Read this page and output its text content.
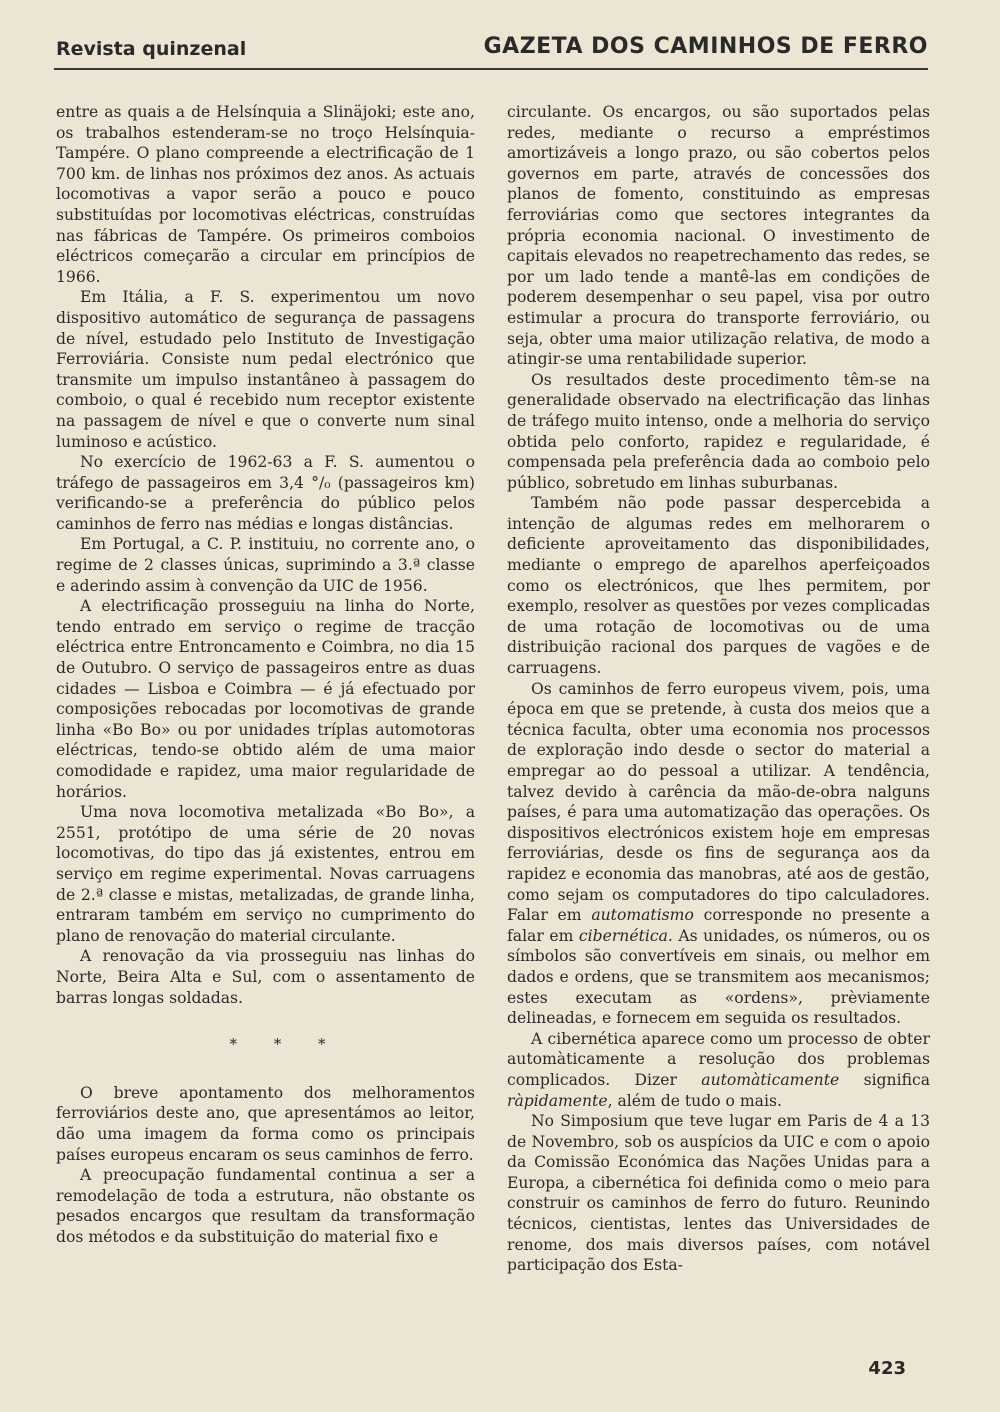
Revista quinzenal	GAZETA DOS CAMINHOS DE FERRO

entre as quais a de Helsínquia a Slinäjoki; este ano, os trabalhos estenderam-se no troço Helsínquia-Tampére. O plano compreende a electrificação de 1 700 km. de linhas nos próximos dez anos. As actuais locomotivas a vapor serão a pouco e pouco substituídas por locomotivas eléctricas, construídas nas fábricas de Tampére. Os primeiros comboios eléctricos começarão a circular em princípios de 1966.

Em Itália, a F. S. experimentou um novo dispositivo automático de segurança de passagens de nível, estudado pelo Instituto de Investigação Ferroviária. Consiste num pedal electrónico que transmite um impulso instantâneo à passagem do comboio, o qual é recebido num receptor existente na passagem de nível e que o converte num sinal luminoso e acústico.

No exercício de 1962-63 a F. S. aumentou o tráfego de passageiros em 3,4 °/₀ (passageiros km) verificando-se a preferência do público pelos caminhos de ferro nas médias e longas distâncias.

Em Portugal, a C. P. instituiu, no corrente ano, o regime de 2 classes únicas, suprimindo a 3.ª classe e aderindo assim à convenção da UIC de 1956.

A electrificação prosseguiu na linha do Norte, tendo entrado em serviço o regime de tracção eléctrica entre Entroncamento e Coimbra, no dia 15 de Outubro. O serviço de passageiros entre as duas cidades — Lisboa e Coimbra — é já efectuado por composições rebocadas por locomotivas de grande linha «Bo Bo» ou por unidades tríplas automotoras eléctricas, tendo-se obtido além de uma maior comodidade e rapidez, uma maior regularidade de horários.

Uma nova locomotiva metalizada «Bo Bo», a 2551, protótipo de uma série de 20 novas locomotivas, do tipo das já existentes, entrou em serviço em regime experimental. Novas carruagens de 2.ª classe e mistas, metalizadas, de grande linha, entraram também em serviço no cumprimento do plano de renovação do material circulante.

A renovação da via prosseguiu nas linhas do Norte, Beira Alta e Sul, com o assentamento de barras longas soldadas.

* * *

O breve apontamento dos melhoramentos ferroviários deste ano, que apresentámos ao leitor, dão uma imagem da forma como os principais países europeus encaram os seus caminhos de ferro.

A preocupação fundamental continua a ser a remodelação de toda a estrutura, não obstante os pesados encargos que resultam da transformação dos métodos e da substituição do material fixo e

circulante. Os encargos, ou são suportados pelas redes, mediante o recurso a empréstimos amortizáveis a longo prazo, ou são cobertos pelos governos em parte, através de concessões dos planos de fomento, constituindo as empresas ferroviárias como que sectores integrantes da própria economia nacional. O investimento de capitais elevados no reapetrechamento das redes, se por um lado tende a mantê-las em condições de poderem desempenhar o seu papel, visa por outro estimular a procura do transporte ferroviário, ou seja, obter uma maior utilização relativa, de modo a atingir-se uma rentabilidade superior.

Os resultados deste procedimento têm-se na generalidade observado na electrificação das linhas de tráfego muito intenso, onde a melhoria do serviço obtida pelo conforto, rapidez e regularidade, é compensada pela preferência dada ao comboio pelo público, sobretudo em linhas suburbanas.

Também não pode passar despercebida a intenção de algumas redes em melhorarem o deficiente aproveitamento das disponibilidades, mediante o emprego de aparelhos aperfeiçoados como os electrónicos, que lhes permitem, por exemplo, resolver as questões por vezes complicadas de uma rotação de locomotivas ou de uma distribuição racional dos parques de vagões e de carruagens.

Os caminhos de ferro europeus vivem, pois, uma época em que se pretende, à custa dos meios que a técnica faculta, obter uma economia nos processos de exploração indo desde o sector do material a empregar ao do pessoal a utilizar. A tendência, talvez devido à carência da mão-de-obra nalguns países, é para uma automatização das operações. Os dispositivos electrónicos existem hoje em empresas ferroviárias, desde os fins de segurança aos da rapidez e economia das manobras, até aos de gestão, como sejam os computadores do tipo calculadores. Falar em automatismo corresponde no presente a falar em cibernética. As unidades, os números, ou os símbolos são convertíveis em sinais, ou melhor em dados e ordens, que se transmitem aos mecanismos; estes executam as «ordens», prèviamente delineadas, e fornecem em seguida os resultados.

A cibernética aparece como um processo de obter automàticamente a resolução dos problemas complicados. Dizer automàticamente significa ràpidamente, além de tudo o mais.

No Simposium que teve lugar em Paris de 4 a 13 de Novembro, sob os auspícios da UIC e com o apoio da Comissão Económica das Nações Unidas para a Europa, a cibernética foi definida como o meio para construir os caminhos de ferro do futuro. Reunindo técnicos, cientistas, lentes das Universidades de renome, dos mais diversos países, com notável participação dos Esta-

423
